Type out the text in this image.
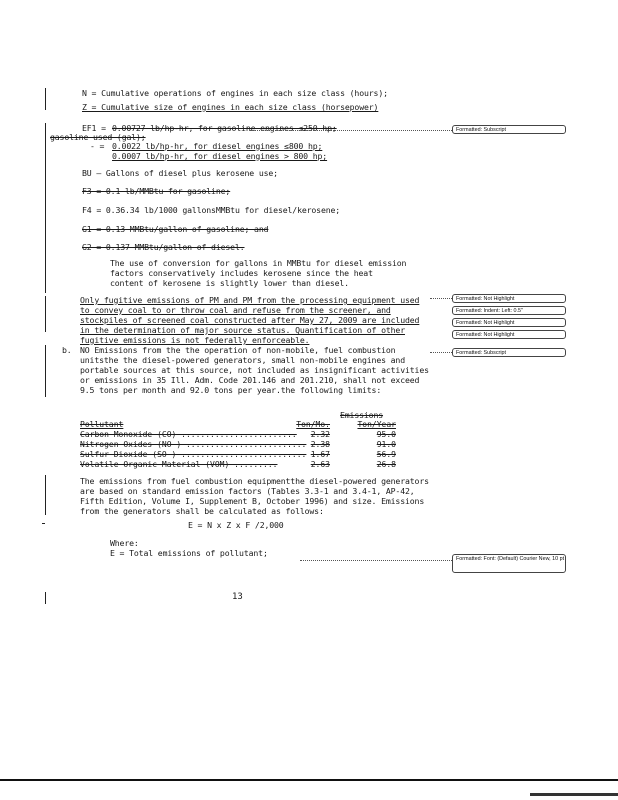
N = Cumulative operations of engines in each size class (hours);
Z = Cumulative size of engines in each size class (horsepower)
EF1 = 0.00727 lb/hp-hr, for gasoline engines ≤250 hp;
gasoline used (gal);
‑ = 0.0022 lb/hp-hr, for diesel engines ≤800 hp;
0.0007 lb/hp-hr, for diesel engines > 800 hp;
BU — Gallons of diesel plus kerosene use;
F3 = 0.1 lb/MMBtu for gasoline;
F4 = 0.36.34 lb/1000 gallonsMMBtu for diesel/kerosene;
G1 = 0.13 MMBtu/gallon of gasoline; and
G2 = 0.137 MMBtu/gallon of diesel.
The use of conversion for gallons in MMBtu for diesel emission factors conservatively includes kerosene since the heat content of kerosene is slightly lower than diesel.
Only fugitive emissions of PM and PM from the processing equipment used to convey coal to or throw coal and refuse from the screener, and stockpiles of screened coal constructed after May 27, 2009 are included in the determination of major source status. Quantification of other fugitive emissions is not federally enforceable.
b. NO Emissions from the the operation of non-mobile, fuel combustion unitsthe the diesel-powered generators, small non-mobile engines and portable sources at this source, not included as insignificant activities or emissions in 35 Ill. Adm. Code 201.146 and 201.210, shall not exceed 9.5 tons per month and 92.0 tons per year.the following limits:
Emissions
Pollutant	Ton/Mo.	Ton/Year
Carbon Monoxide (CO) ........................	2.32	95.0
Nitrogen Oxides (NO ) ......................... 2.38	91.0
Sulfur Dioxide (SO ) .......................... 1.67	56.9
Volatile Organic Material (VOM) .........	2.63	26.8
The emissions from fuel combustion equipmentthe diesel-powered generators are based on standard emission factors (Tables 3.3-1 and 3.4-1, AP-42, Fifth Edition, Volume I, Supplement B, October 1996) and size. Emissions from the generators shall be calculated as follows:
E = N x Z x F /2,000
Where:
E = Total emissions of pollutant;
13
Formatted: Subscript
Formatted: Not Highlight
Formatted: Indent: Left: 0.5"
Formatted: Not Highlight
Formatted: Not Highlight
Formatted: Subscript
Formatted: Font: (Default) Courier New, 10 pt
